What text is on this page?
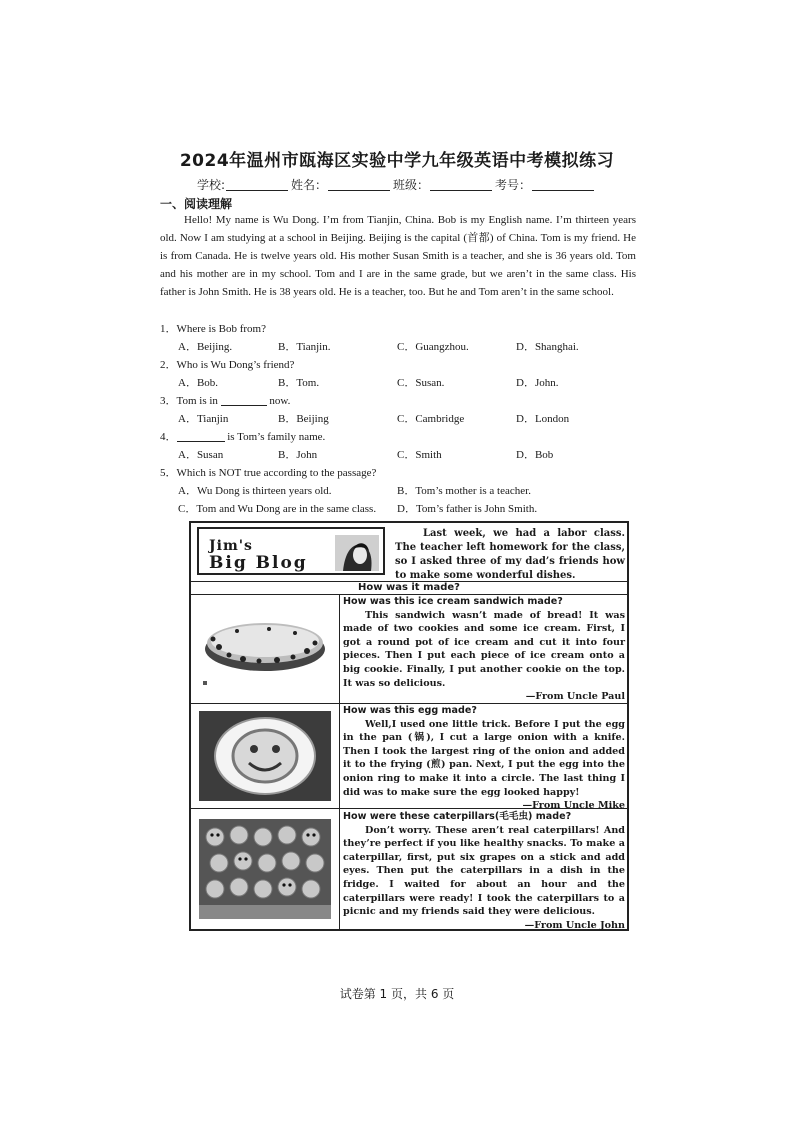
2024年温州市瓯海区实验中学九年级英语中考模拟练习
学校:	姓名：	班级：	考号：
一、阅读理解
Hello! My name is Wu Dong. I’m from Tianjin, China. Bob is my English name. I’m thirteen years old. Now I am studying at a school in Beijing. Beijing is the capital (首都) of China. Tom is my friend. He is from Canada. He is twelve years old. His mother Susan Smith is a teacher, and she is 36 years old. Tom and his mother are in my school. Tom and I are in the same grade, but we aren’t in the same class. His father is John Smith. He is 38 years old. He is a teacher, too. But he and Tom aren’t in the same school.
1．Where is Bob from?
A．Beijing.	B．Tianjin.	C．Guangzhou.	D．Shanghai.
2．Who is Wu Dong’s friend?
A．Bob.	B．Tom.	C．Susan.	D．John.
3．Tom is in	now.
A．Tianjin	B．Beijing	C．Cambridge	D．London
4．	is Tom’s family name.
A．Susan	B．John	C．Smith	D．Bob
5．Which is NOT true according to the passage?
A．Wu Dong is thirteen years old.	B．Tom’s mother is a teacher.
C．Tom and Wu Dong are in the same class. D．Tom’s father is John Smith.
Jim's
Big Blog
Last week, we had a labor class. The teacher left homework for the class, so I asked three of my dad’s friends how to make some wonderful dishes.
How was it made?
How was this ice cream sandwich made?
This sandwich wasn’t made of bread! It was made of two cookies and some ice cream. First, I got a round pot of ice cream and cut it into four pieces. Then I put each piece of ice cream onto a big cookie. Finally, I put another cookie on the top. It was so delicious.
—From Uncle Paul
How was this egg made?
Well,I used one little trick. Before I put the egg in the pan (锅), I cut a large onion with a knife. Then I took the largest ring of the onion and added it to the frying (煎) pan. Next, I put the egg into the onion ring to make it into a circle. The last thing I did was to make sure the egg looked happy!
—From Uncle Mike
How were these caterpillars(毛毛虫) made?
Don’t worry. These aren’t real caterpillars! And they’re perfect if you like healthy snacks. To make a caterpillar, first, put six grapes on a stick and add eyes. Then put the caterpillars in a dish in the fridge. I waited for about an hour and the caterpillars were ready! I took the caterpillars to a picnic and my friends said they were delicious.
—From Uncle John
试卷第 1 页，共 6 页
